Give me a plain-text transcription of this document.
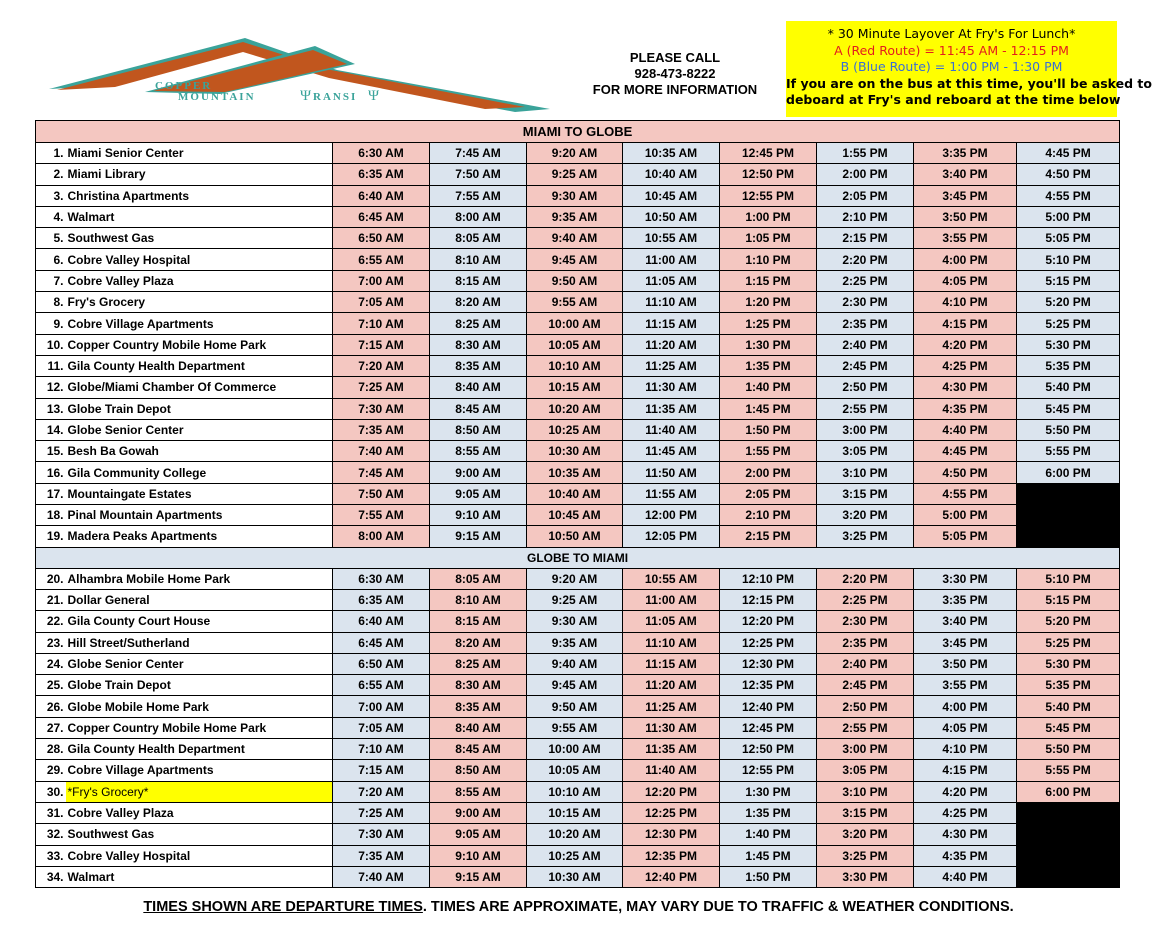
COPPER
MOUNTAIN	Ψ RANSI Ψ
PLEASE CALL
928-473-8222
FOR MORE INFORMATION
* 30 Minute Layover At Fry's For Lunch*
A (Red Route) = 11:45 AM - 12:15 PM
B (Blue Route) = 1:00 PM - 1:30 PM
If you are on the bus at this time, you'll be asked to
deboard at Fry's and reboard at the time below
MIAMI TO GLOBE									
1.	Miami Senior Center	6:30 AM	7:45 AM	9:20 AM	10:35 AM	12:45 PM	1:55 PM	3:35 PM	4:45 PM
2.	Miami Library	6:35 AM	7:50 AM	9:25 AM	10:40 AM	12:50 PM	2:00 PM	3:40 PM	4:50 PM
3.	Christina Apartments	6:40 AM	7:55 AM	9:30 AM	10:45 AM	12:55 PM	2:05 PM	3:45 PM	4:55 PM
4.	Walmart	6:45 AM	8:00 AM	9:35 AM	10:50 AM	1:00 PM	2:10 PM	3:50 PM	5:00 PM
5.	Southwest Gas	6:50 AM	8:05 AM	9:40 AM	10:55 AM	1:05 PM	2:15 PM	3:55 PM	5:05 PM
6.	Cobre Valley Hospital	6:55 AM	8:10 AM	9:45 AM	11:00 AM	1:10 PM	2:20 PM	4:00 PM	5:10 PM
7.	Cobre Valley Plaza	7:00 AM	8:15 AM	9:50 AM	11:05 AM	1:15 PM	2:25 PM	4:05 PM	5:15 PM
8.	Fry's Grocery	7:05 AM	8:20 AM	9:55 AM	11:10 AM	1:20 PM	2:30 PM	4:10 PM	5:20 PM
9.	Cobre Village Apartments	7:10 AM	8:25 AM	10:00 AM	11:15 AM	1:25 PM	2:35 PM	4:15 PM	5:25 PM
10.	Copper Country Mobile Home Park	7:15 AM	8:30 AM	10:05 AM	11:20 AM	1:30 PM	2:40 PM	4:20 PM	5:30 PM
11.	Gila County Health Department	7:20 AM	8:35 AM	10:10 AM	11:25 AM	1:35 PM	2:45 PM	4:25 PM	5:35 PM
12.	Globe/Miami Chamber Of Commerce	7:25 AM	8:40 AM	10:15 AM	11:30 AM	1:40 PM	2:50 PM	4:30 PM	5:40 PM
13.	Globe Train Depot	7:30 AM	8:45 AM	10:20 AM	11:35 AM	1:45 PM	2:55 PM	4:35 PM	5:45 PM
14.	Globe Senior Center	7:35 AM	8:50 AM	10:25 AM	11:40 AM	1:50 PM	3:00 PM	4:40 PM	5:50 PM
15.	Besh Ba Gowah	7:40 AM	8:55 AM	10:30 AM	11:45 AM	1:55 PM	3:05 PM	4:45 PM	5:55 PM
16.	Gila Community College	7:45 AM	9:00 AM	10:35 AM	11:50 AM	2:00 PM	3:10 PM	4:50 PM	6:00 PM
17.	Mountaingate Estates	7:50 AM	9:05 AM	10:40 AM	11:55 AM	2:05 PM	3:15 PM	4:55 PM	
18.	Pinal Mountain Apartments	7:55 AM	9:10 AM	10:45 AM	12:00 PM	2:10 PM	3:20 PM	5:00 PM	
19.	Madera Peaks Apartments	8:00 AM	9:15 AM	10:50 AM	12:05 PM	2:15 PM	3:25 PM	5:05 PM	
GLOBE TO MIAMI									
20.	Alhambra Mobile Home Park	6:30 AM	8:05 AM	9:20 AM	10:55 AM	12:10 PM	2:20 PM	3:30 PM	5:10 PM
21.	Dollar General	6:35 AM	8:10 AM	9:25 AM	11:00 AM	12:15 PM	2:25 PM	3:35 PM	5:15 PM
22.	Gila County Court House	6:40 AM	8:15 AM	9:30 AM	11:05 AM	12:20 PM	2:30 PM	3:40 PM	5:20 PM
23.	Hill Street/Sutherland	6:45 AM	8:20 AM	9:35 AM	11:10 AM	12:25 PM	2:35 PM	3:45 PM	5:25 PM
24.	Globe Senior Center	6:50 AM	8:25 AM	9:40 AM	11:15 AM	12:30 PM	2:40 PM	3:50 PM	5:30 PM
25.	Globe Train Depot	6:55 AM	8:30 AM	9:45 AM	11:20 AM	12:35 PM	2:45 PM	3:55 PM	5:35 PM
26.	Globe Mobile Home Park	7:00 AM	8:35 AM	9:50 AM	11:25 AM	12:40 PM	2:50 PM	4:00 PM	5:40 PM
27.	Copper Country Mobile Home Park	7:05 AM	8:40 AM	9:55 AM	11:30 AM	12:45 PM	2:55 PM	4:05 PM	5:45 PM
28.	Gila County Health Department	7:10 AM	8:45 AM	10:00 AM	11:35 AM	12:50 PM	3:00 PM	4:10 PM	5:50 PM
29.	Cobre Village Apartments	7:15 AM	8:50 AM	10:05 AM	11:40 AM	12:55 PM	3:05 PM	4:15 PM	5:55 PM
30.	*Fry's Grocery*	7:20 AM	8:55 AM	10:10 AM	12:20 PM	1:30 PM	3:10 PM	4:20 PM	6:00 PM
31.	Cobre Valley Plaza	7:25 AM	9:00 AM	10:15 AM	12:25 PM	1:35 PM	3:15 PM	4:25 PM	
32.	Southwest Gas	7:30 AM	9:05 AM	10:20 AM	12:30 PM	1:40 PM	3:20 PM	4:30 PM	
33.	Cobre Valley Hospital	7:35 AM	9:10 AM	10:25 AM	12:35 PM	1:45 PM	3:25 PM	4:35 PM	
34.	Walmart	7:40 AM	9:15 AM	10:30 AM	12:40 PM	1:50 PM	3:30 PM	4:40 PM	
TIMES SHOWN ARE DEPARTURE TIMES. TIMES ARE APPROXIMATE, MAY VARY DUE TO TRAFFIC & WEATHER CONDITIONS.
